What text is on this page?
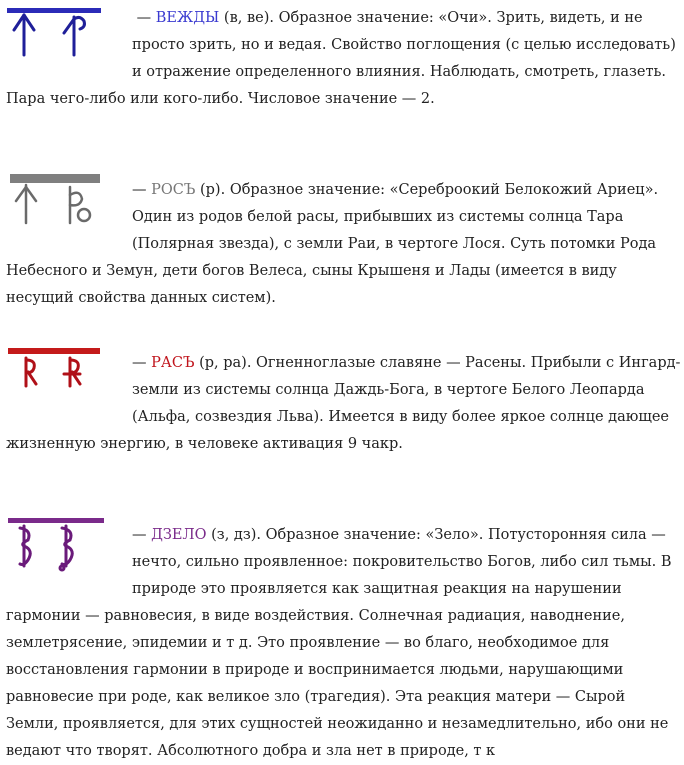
— ВЕЖДЫ (в, ве). Образное значение: «Очи». Зрить, видеть, и не просто зрить, но и ведая. Свойство поглощения (с целью исследовать) и отражение определенного влияния. Наблюдать, смотреть, глазеть. Пара чего-либо или кого-либо. Числовое значение — 2.

— РОСЪ (р). Образное значение: «Сереброокий Белокожий Ариец». Один из родов белой расы, прибывших из системы солнца Тара (Полярная звезда), с земли Раи, в чертоге Лося. Суть потомки Рода Небесного и Земун, дети богов Велеса, сыны Крышеня и Лады (имеется в виду несущий свойства данных систем).

— РАСЪ (р, ра). Огненноглазые славяне — Расены. Прибыли с Ингард-земли из системы солнца Даждь-Бога, в чертоге Белого Леопарда (Альфа, созвездия Льва). Имеется в виду более яркое солнце дающее жизненную энергию, в человеке активация 9 чакр.

— ДЗЕЛО (з, дз). Образное значение: «Зело». Потусторонняя сила — нечто, сильно проявленное: покровительство Богов, либо сил тьмы. В природе это проявляется как защитная реакция на нарушении гармонии — равновесия, в виде воздействия. Солнечная радиация, наводнение, землетрясение, эпидемии и т д. Это проявление — во благо, необходимое для восстановления гармонии в природе и воспринимается людьми, нарушающими равновесие при роде, как великое зло (трагедия). Эта реакция матери — Сырой Земли, проявляется, для этих сущностей неожиданно и незамедлительно, ибо они не ведают что творят. Абсолютного добра и зла нет в природе, т к
